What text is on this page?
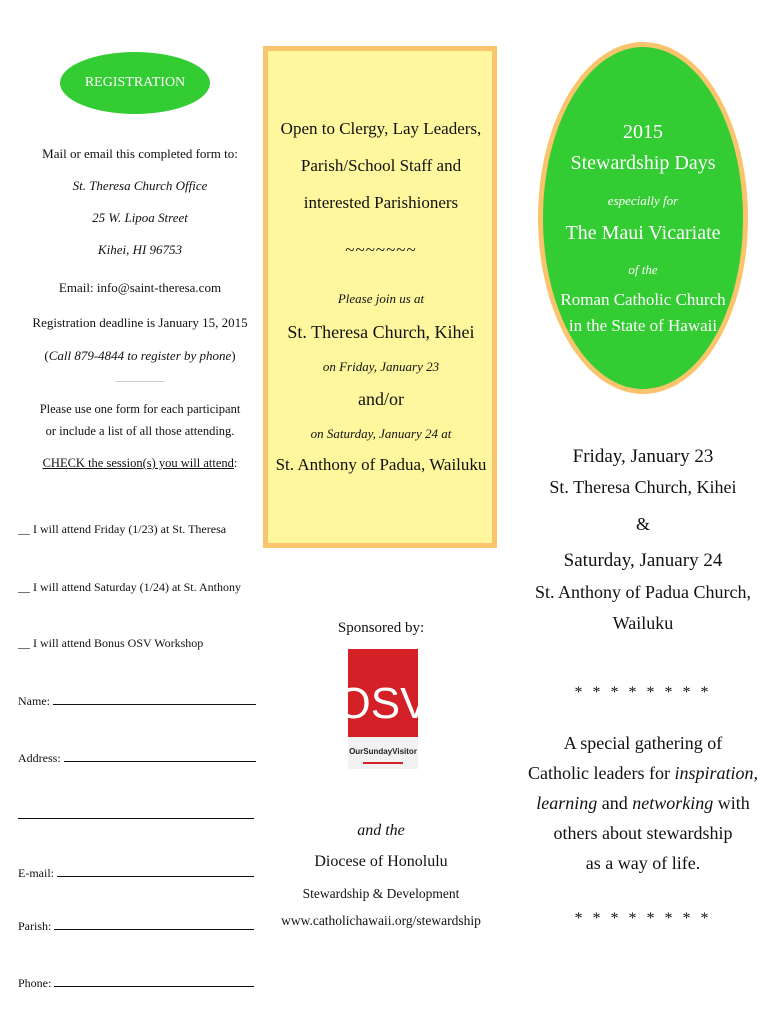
REGISTRATION
Mail or email this completed form to:
St. Theresa Church Office
25 W. Lipoa Street
Kihei, HI 96753
Email: info@saint-theresa.com
Registration deadline is January 15, 2015
(Call 879-4844 to register by phone)
——————
Please use one form for each participant
or include a list of all those attending.
CHECK the session(s) you will attend:
__ I will attend Friday (1/23) at St. Theresa
__ I will attend Saturday (1/24) at St. Anthony
__ I will attend Bonus OSV Workshop
Name:
Address:
E-mail:
Parish:
Phone:
Open to Clergy, Lay Leaders,
Parish/School Staff and
interested Parishioners
~~~~~~~
Please join us at
St. Theresa Church, Kihei
on Friday, January 23
and/or
on Saturday, January 24 at
St. Anthony of Padua, Wailuku
Sponsored by:
OSV
OurSundayVisitor
and the
Diocese of Honolulu
Stewardship & Development
www.catholichawaii.org/stewardship
2015
Stewardship Days
especially for
The Maui Vicariate
of the
Roman Catholic Church
in the State of Hawaii
Friday, January 23
St. Theresa Church, Kihei
&
Saturday, January 24
St. Anthony of Padua Church,
Wailuku
* * * * * * * *
A special gathering of
Catholic leaders for inspiration,
learning and networking with
others about stewardship
as a way of life.
* * * * * * * *
